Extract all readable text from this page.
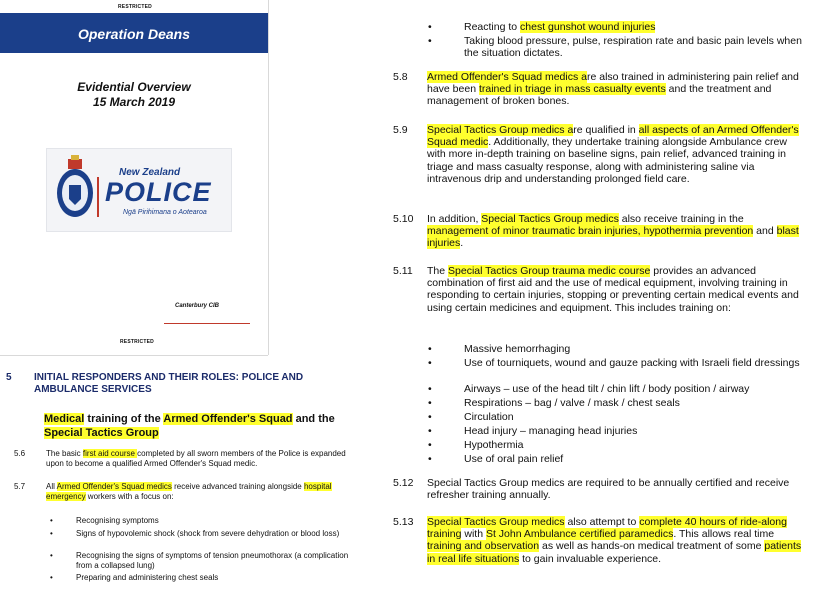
RESTRICTED
Operation Deans
Evidential Overview
15 March 2019
New Zealand
POLICE
Ngā Pirihimana o Aotearoa
Canterbury CIB
RESTRICTED
5 INITIAL RESPONDERS AND THEIR ROLES: POLICE AND AMBULANCE SERVICES
Medical training of the Armed Offender's Squad and the Special Tactics Group
5.6	The basic first aid course completed by all sworn members of the Police is expanded upon to become a qualified Armed Offender's Squad medic.
5.7	All Armed Offender's Squad medics receive advanced training alongside hospital emergency workers with a focus on:
•	Recognising symptoms
•	Signs of hypovolemic shock (shock from severe dehydration or blood loss)
•	Recognising the signs of symptoms of tension pneumothorax (a complication from a collapsed lung)
•	Preparing and administering chest seals
•	Reacting to chest gunshot wound injuries
•	Taking blood pressure, pulse, respiration rate and basic pain levels when the situation dictates.
5.8 Armed Offender's Squad medics are also trained in administering pain relief and have been trained in triage in mass casualty events and the treatment and management of broken bones.
5.9 Special Tactics Group medics are qualified in all aspects of an Armed Offender's Squad medic. Additionally, they undertake training alongside Ambulance crew with more in-depth training on baseline signs, pain relief, advanced training in triage and mass casualty response, along with administering saline via intravenous drip and understanding prolonged field care.
5.10 In addition, Special Tactics Group medics also receive training in the management of minor traumatic brain injuries, hypothermia prevention and blast injuries.
5.11 The Special Tactics Group trauma medic course provides an advanced combination of first aid and the use of medical equipment, involving training in responding to certain injuries, stopping or preventing certain medical events and using certain medicines and equipment. This includes training on:
•	Massive hemorrhaging
•	Use of tourniquets, wound and gauze packing with Israeli field dressings
•	Airways – use of the head tilt / chin lift / body position / airway
•	Respirations – bag / valve / mask / chest seals
•	Circulation
•	Head injury – managing head injuries
•	Hypothermia
•	Use of oral pain relief
5.12 Special Tactics Group medics are required to be annually certified and receive refresher training annually.
5.13 Special Tactics Group medics also attempt to complete 40 hours of ride-along training with St John Ambulance certified paramedics. This allows real time training and observation as well as hands-on medical treatment of some patients in real life situations to gain invaluable experience.
